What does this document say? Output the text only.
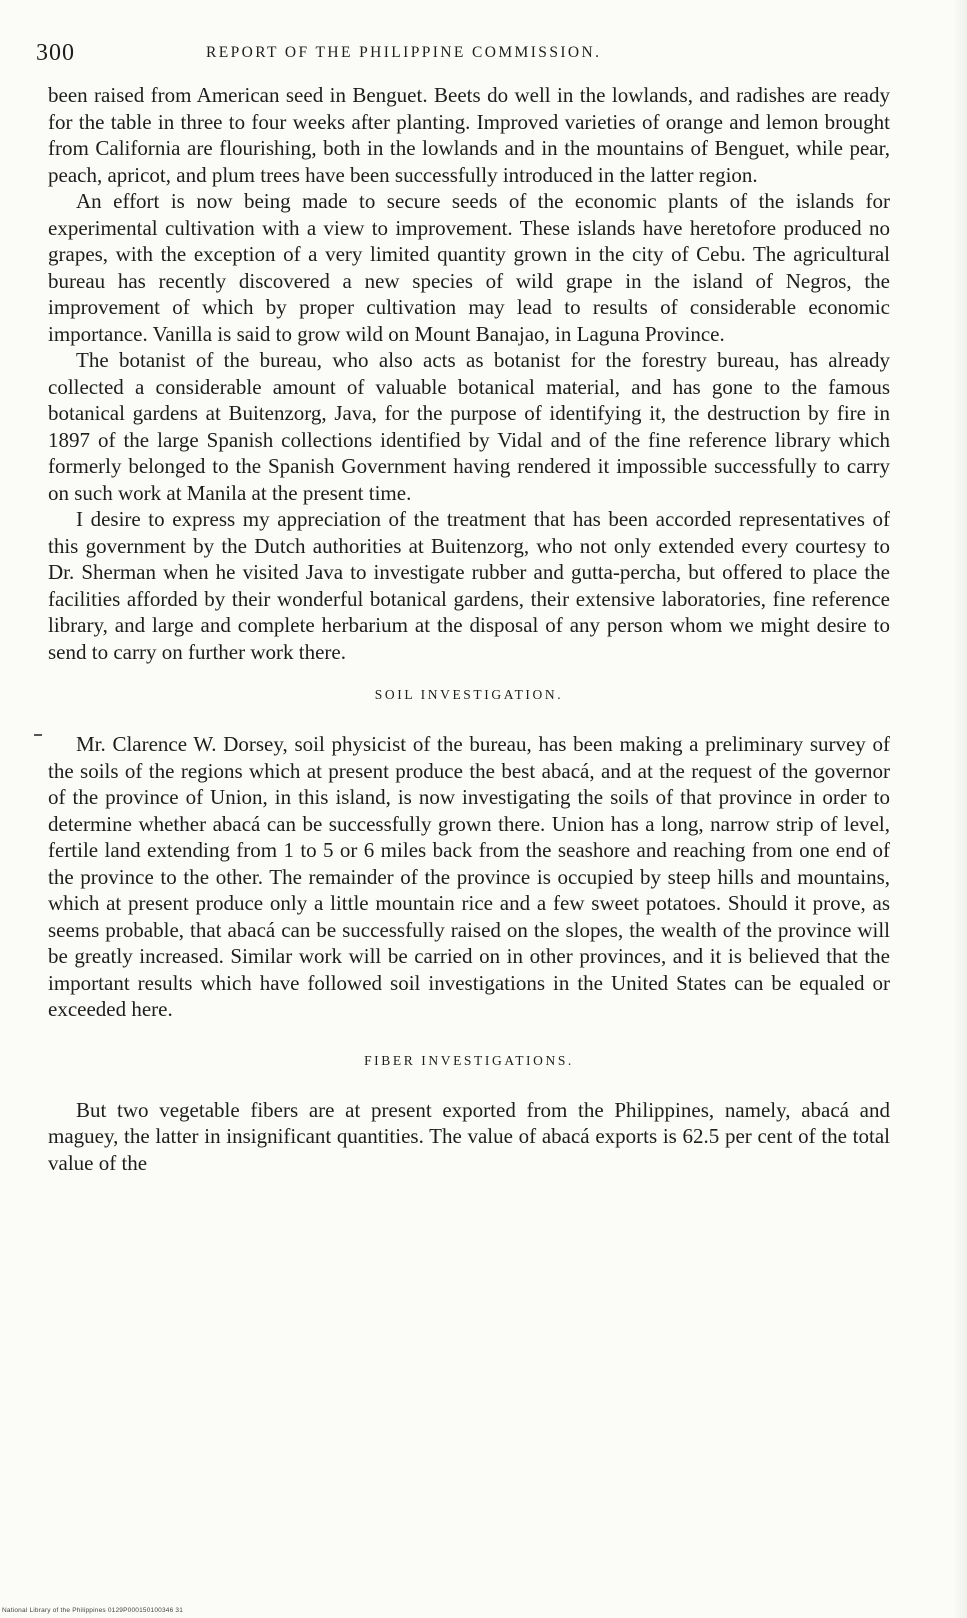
300	REPORT OF THE PHILIPPINE COMMISSION.

been raised from American seed in Benguet. Beets do well in the lowlands, and radishes are ready for the table in three to four weeks after planting. Improved varieties of orange and lemon brought from California are flourishing, both in the lowlands and in the mountains of Benguet, while pear, peach, apricot, and plum trees have been successfully introduced in the latter region.

An effort is now being made to secure seeds of the economic plants of the islands for experimental cultivation with a view to improvement. These islands have heretofore produced no grapes, with the exception of a very limited quantity grown in the city of Cebu. The agricultural bureau has recently discovered a new species of wild grape in the island of Negros, the improvement of which by proper cultivation may lead to results of considerable economic importance. Vanilla is said to grow wild on Mount Banajao, in Laguna Province.

The botanist of the bureau, who also acts as botanist for the forestry bureau, has already collected a considerable amount of valuable botanical material, and has gone to the famous botanical gardens at Buitenzorg, Java, for the purpose of identifying it, the destruction by fire in 1897 of the large Spanish collections identified by Vidal and of the fine reference library which formerly belonged to the Spanish Government having rendered it impossible successfully to carry on such work at Manila at the present time.

I desire to express my appreciation of the treatment that has been accorded representatives of this government by the Dutch authorities at Buitenzorg, who not only extended every courtesy to Dr. Sherman when he visited Java to investigate rubber and gutta-percha, but offered to place the facilities afforded by their wonderful botanical gardens, their extensive laboratories, fine reference library, and large and complete herbarium at the disposal of any person whom we might desire to send to carry on further work there.

SOIL INVESTIGATION.

Mr. Clarence W. Dorsey, soil physicist of the bureau, has been making a preliminary survey of the soils of the regions which at present produce the best abacá, and at the request of the governor of the province of Union, in this island, is now investigating the soils of that province in order to determine whether abacá can be successfully grown there. Union has a long, narrow strip of level, fertile land extending from 1 to 5 or 6 miles back from the seashore and reaching from one end of the province to the other. The remainder of the province is occupied by steep hills and mountains, which at present produce only a little mountain rice and a few sweet potatoes. Should it prove, as seems probable, that abacá can be successfully raised on the slopes, the wealth of the province will be greatly increased. Similar work will be carried on in other provinces, and it is believed that the important results which have followed soil investigations in the United States can be equaled or exceeded here.

FIBER INVESTIGATIONS.

But two vegetable fibers are at present exported from the Philippines, namely, abacá and maguey, the latter in insignificant quantities. The value of abacá exports is 62.5 per cent of the total value of the

National Library of the Philippines 0129P000150100346 31
